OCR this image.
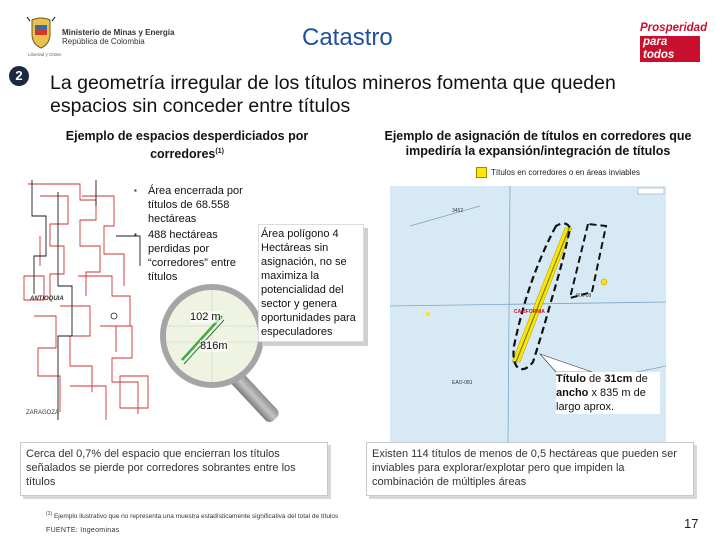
Libertad y Orden
Ministerio de Minas y Energía
República de Colombia	Catastro	Prosperidad
para todos
2	La geometría irregular de los títulos mineros fomenta que queden espacios sin conceder entre títulos
Ejemplo de espacios desperdiciados por corredores$^{(1)}$
Ejemplo de asignación de títulos en corredores que impediría la expansión/integración de títulos
ANTIOQUIA
ZARAGOZA
▪ Área encerrada por títulos de 68.558 hectáreas
▪ 488 hectáreas perdidas por “corredores” entre títulos
102 m
816m
Área polígono 4 Hectáreas sin asignación, no se maximiza la potencialidad del sector y genera oportunidades para especuladores
Títulos en corredores o en áreas inviables
3452
CALIFORNIA
IKK-09
EAO-081	Título de 31cm de ancho x 835 m de largo aprox.
Cerca del 0,7% del espacio que encierran los títulos señalados se pierde por corredores sobrantes entre los títulos
Existen 114 títulos de menos de 0,5 hectáreas que pueden ser inviables para explorar/explotar pero que impiden la combinación de múltiples áreas
$^{(1)}$ Ejemplo ilustrativo que no representa una muestra estadísticamente significativa del total de títulos
FUENTE: Ingeominas	17
